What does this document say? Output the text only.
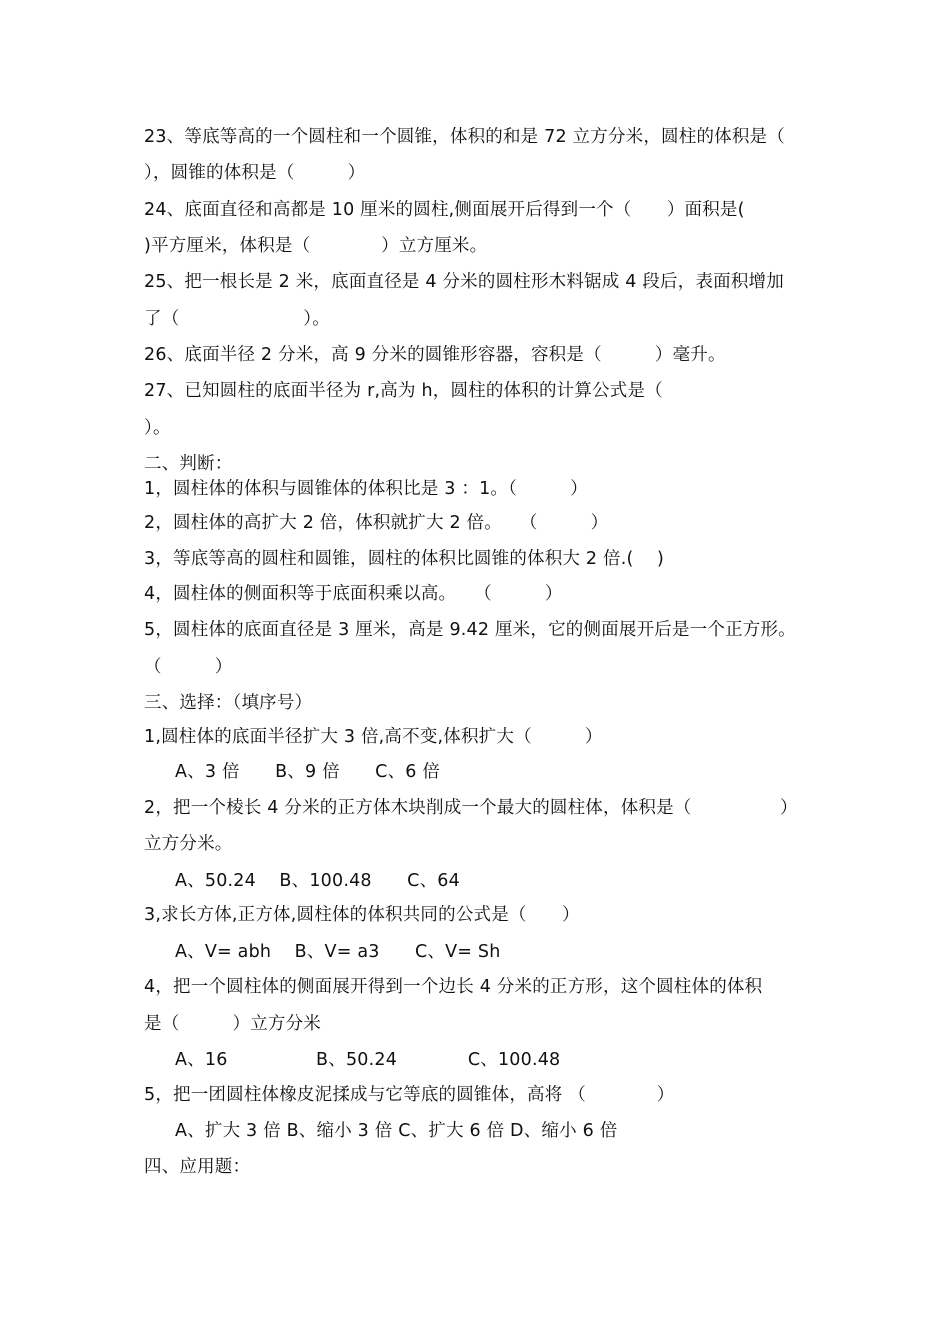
23、等底等高的一个圆柱和一个圆锥，体积的和是 72 立方分米，圆柱的体积是（
），圆锥的体积是（　　　）
24、底面直径和高都是 10 厘米的圆柱,侧面展开后得到一个（　　）面积是(
)平方厘米，体积是（　　　　）立方厘米。
25、把一根长是 2 米，底面直径是 4 分米的圆柱形木料锯成 4 段后，表面积增加
了（　　　　　　　）。
26、底面半径 2 分米，高 9 分米的圆锥形容器，容积是（　　　）毫升。
27、已知圆柱的底面半径为 r,高为 h，圆柱的体积的计算公式是（
）。
二、判断：
1，圆柱体的体积与圆锥体的体积比是 3 ：1。（　　　）
2，圆柱体的高扩大 2 倍，体积就扩大 2 倍。　　（　　　）
3，等底等高的圆柱和圆锥，圆柱的体积比圆锥的体积大 2 倍.(　 )
4，圆柱体的侧面积等于底面积乘以高。　　（　　　）
5，圆柱体的底面直径是 3 厘米，高是 9.42 厘米，它的侧面展开后是一个正方形。
（　　　）
三、选择：（填序号）
1,圆柱体的底面半径扩大 3 倍,高不变,体积扩大（　　　）
A、3 倍　　B、9 倍　　C、6 倍
2，把一个棱长 4 分米的正方体木块削成一个最大的圆柱体，体积是（　　　　　）
立方分米。
A、50.24　 B、100.48　　C、64
3,求长方体,正方体,圆柱体的体积共同的公式是（　　）
A、V= abh　 B、V= a3　　C、V= Sh
4，把一个圆柱体的侧面展开得到一个边长 4 分米的正方形，这个圆柱体的体积
是（　　　）立方分米
A、16　　　　　B、50.24　　　　C、100.48
5，把一团圆柱体橡皮泥揉成与它等底的圆锥体，高将 （　　　　）
A、扩大 3 倍 B、缩小 3 倍 C、扩大 6 倍 D、缩小 6 倍
四、应用题：
